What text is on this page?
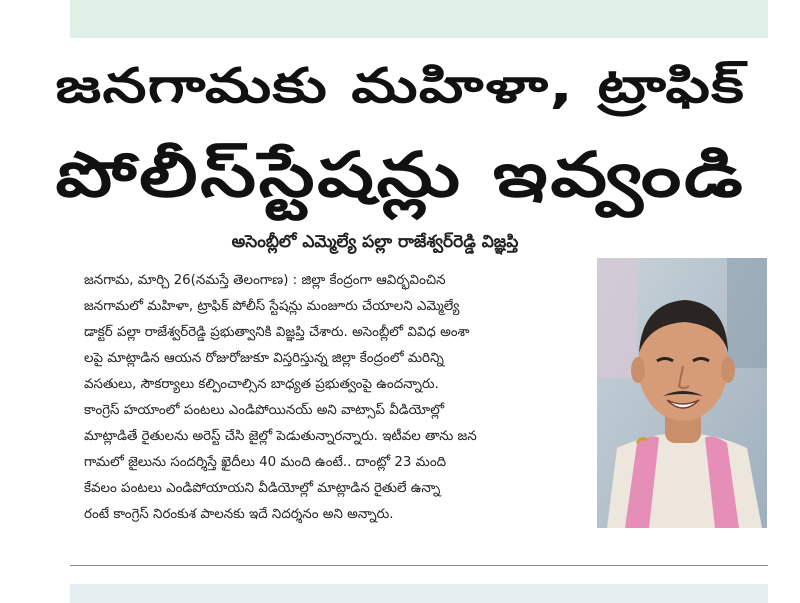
జనగామకు మహిళా, ట్రాఫిక్
పోలీస్‌స్టేషన్లు ఇవ్వండి
అసెంబ్లీలో ఎమ్మెల్యే పల్లా రాజేశ్వర్‌రెడ్డి విజ్ఞప్తి
జనగామ, మార్చి 26(నమస్తే తెలంగాణ) : జిల్లా కేంద్రంగా ఆవిర్భవించిన
జనగామలో మహిళా, ట్రాఫిక్ పోలీస్ స్టేషన్లు మంజూరు చేయాలని ఎమ్మెల్యే
డాక్టర్ పల్లా రాజేశ్వర్‌రెడ్డి ప్రభుత్వానికి విజ్ఞప్తి చేశారు. అసెంబ్లీలో వివిధ అంశా
లపై మాట్లాడిన ఆయన రోజురోజుకూ విస్తరిస్తున్న జిల్లా కేంద్రంలో మరిన్ని
వసతులు, సౌకర్యాలు కల్పించాల్సిన బాధ్యత ప్రభుత్వంపై ఉందన్నారు.
కాంగ్రెస్ హయాంలో పంటలు ఎండిపోయినయ్ అని వాట్సాప్ వీడియోల్లో
మాట్లాడితే రైతులను అరెస్ట్ చేసి జైల్లో పెడుతున్నారన్నారు. ఇటీవల తాను జన
గామలో జైలును సందర్శిస్తే ఖైదీలు 40 మంది ఉంటే.. దాంట్లో 23 మంది
కేవలం పంటలు ఎండిపోయాయని వీడియోల్లో మాట్లాడిన రైతులే ఉన్నా
రంటే కాంగ్రెస్ నిరంకుశ పాలనకు ఇదే నిదర్శనం అని అన్నారు.
